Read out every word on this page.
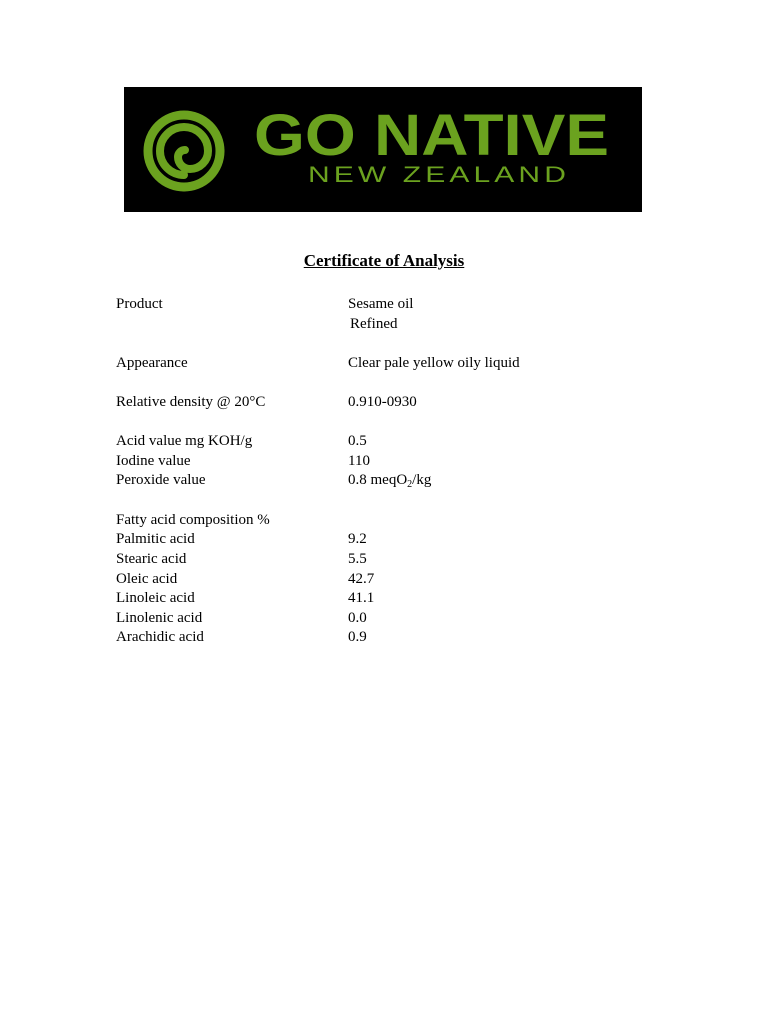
GO NATIVE
NEW ZEALAND
Certificate of Analysis
Product	Sesame oil
Refined
Appearance	Clear pale yellow oily liquid
Relative density @ 20°C	0.910-0930
Acid value mg KOH/g	0.5
Iodine value	110
Peroxide value	0.8 meqO$_2$/kg
Fatty acid composition %
Palmitic acid	9.2
Stearic acid	5.5
Oleic acid	42.7
Linoleic acid	41.1
Linolenic acid	0.0
Arachidic acid	0.9
